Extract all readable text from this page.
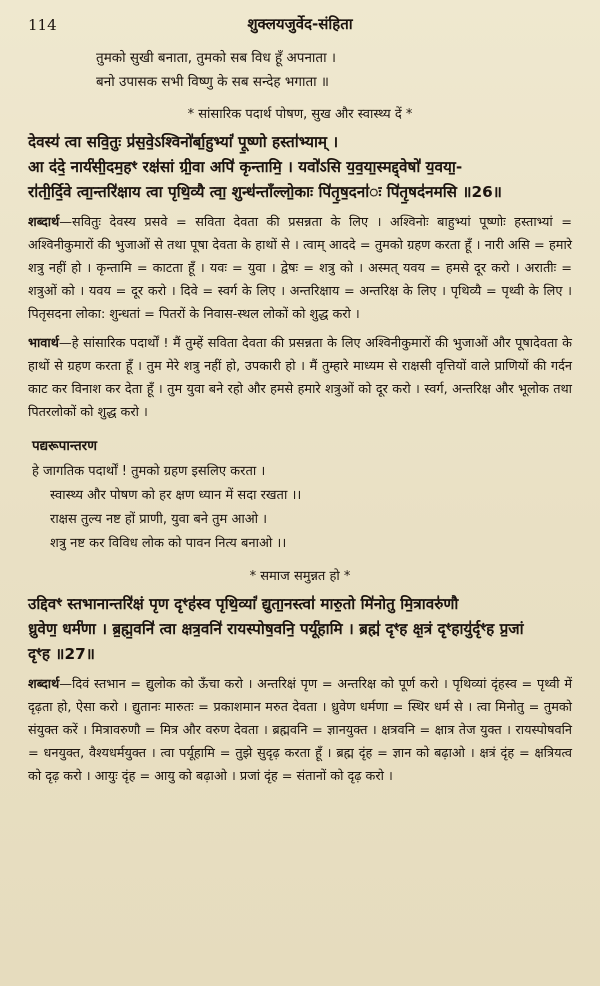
114	शुक्लयजुर्वेद-संहिता
तुमको सुखी बनाता, तुमको सब विध हूँ अपनाता ।
बनो उपासक सभी विष्णु के सब सन्देह भगाता ॥
* सांसारिक पदार्थ पोषण, सुख और स्वास्थ्य दें *
देवस्य॑ त्वा सवि॒तुः प्र॑स॒वे॒ऽश्विनो॑र्बा॒हुभ्यां॑ पू॒ष्णो हस्ता॑भ्याम् ।
आ द॑दे॒ नार्य॑सी॒दम॒हꣳ रक्ष॑सां ग्री॒वा अपि॑ कृन्तामि॒ । यवो॑ऽसि य॒व॒या॒स्मद्द्वेषो॑ य॒वया॒-
रा॑ती॒र्दि॒वे त्वा॒न्तरि॑क्षाय त्वा पृथि॒व्यै त्वा॒ शुन्ध॑न्ताँल्लो॒काः पि॑तृ॒ष॒दना॑ः पि॑तृ॒षद॑नमसि ॥26॥

शब्दार्थ—सवितुः देवस्य प्रसवे = सविता देवता की प्रसन्नता के लिए । अश्विनोः बाहुभ्यां पूष्णोः हस्ताभ्यां = अश्विनीकुमारों की भुजाओं से तथा पूषा देवता के हाथों से । त्वाम् आददे = तुमको ग्रहण करता हूँ । नारी असि = हमारे शत्रु नहीं हो । कृन्तामि = काटता हूँ । यवः = युवा । द्वेषः = शत्रु को । अस्मत् यवय = हमसे दूर करो । अरातीः = शत्रुओं को । यवय = दूर करो । दिवे = स्वर्ग के लिए । अन्तरिक्षाय = अन्तरिक्ष के लिए । पृथिव्यै = पृथ्वी के लिए । पितृसदना लोका: शुन्धतां = पितरों के निवास-स्थल लोकों को शुद्ध करो ।

भावार्थ—हे सांसारिक पदार्थों ! मैं तुम्हें सविता देवता की प्रसन्नता के लिए अश्विनीकुमारों की भुजाओं और पूषादेवता के हाथों से ग्रहण करता हूँ । तुम मेरे शत्रु नहीं हो, उपकारी हो । मैं तुम्हारे माध्यम से राक्षसी वृत्तियों वाले प्राणियों की गर्दन काट कर विनाश कर देता हूँ । तुम युवा बने रहो और हमसे हमारे शत्रुओं को दूर करो । स्वर्ग, अन्तरिक्ष और भूलोक तथा पितरलोकों को शुद्ध करो ।

पद्यरूपान्तरण
हे जागतिक पदार्थों ! तुमको ग्रहण इसलिए करता ।
स्वास्थ्य और पोषण को हर क्षण ध्यान में सदा रखता ।।
राक्षस तुल्य नष्ट हों प्राणी, युवा बने तुम आओ ।
शत्रु नष्ट कर विविध लोक को पावन नित्य बनाओ ।।
* समाज समुन्नत हो *
उद्दिवꣳ स्तभानान्तरि॑क्षं पृण दृꣳह॑स्व पृथि॒व्यां॑ द्युता॒नस्त्वा॑ मारु॒तो मि॑नोतु मि॒त्रावरु॑णौ
ध्रुवेण॒ धर्म॑णा । ब्र॒ह्म॒वनि॑ त्वा क्षत्र॒वनि॑ रायस्पोष॒वनि॒ पर्यू॑हामि । ब्रह्म॑ दृꣳह क्ष॒त्रं दृꣳहायु॑र्दृꣳह प्र॒जां
दृꣳह ॥27॥

शब्दार्थ—दिवं स्तभान = द्युलोक को ऊँचा करो । अन्तरिक्षं पृण = अन्तरिक्ष को पूर्ण करो । पृथिव्यां दृंहस्व = पृथ्वी में दृढ़ता हो, ऐसा करो । द्युतानः मारुतः = प्रकाशमान मरुत देवता । ध्रुवेण धर्मणा = स्थिर धर्म से । त्वा मिनोतु = तुमको संयुक्त करें । मित्रावरुणौ = मित्र और वरुण देवता । ब्रह्मवनि = ज्ञानयुक्त । क्षत्रवनि = क्षात्र तेज युक्त । रायस्पोषवनि = धनयुक्त, वैश्यधर्मयुक्त । त्वा पर्यूहामि = तुझे सुदृढ़ करता हूँ । ब्रह्म दृंह = ज्ञान को बढ़ाओ । क्षत्रं दृंह = क्षत्रियत्व को दृढ़ करो । आयुः दृंह = आयु को बढ़ाओ । प्रजां दृंह = संतानों को दृढ़ करो ।
